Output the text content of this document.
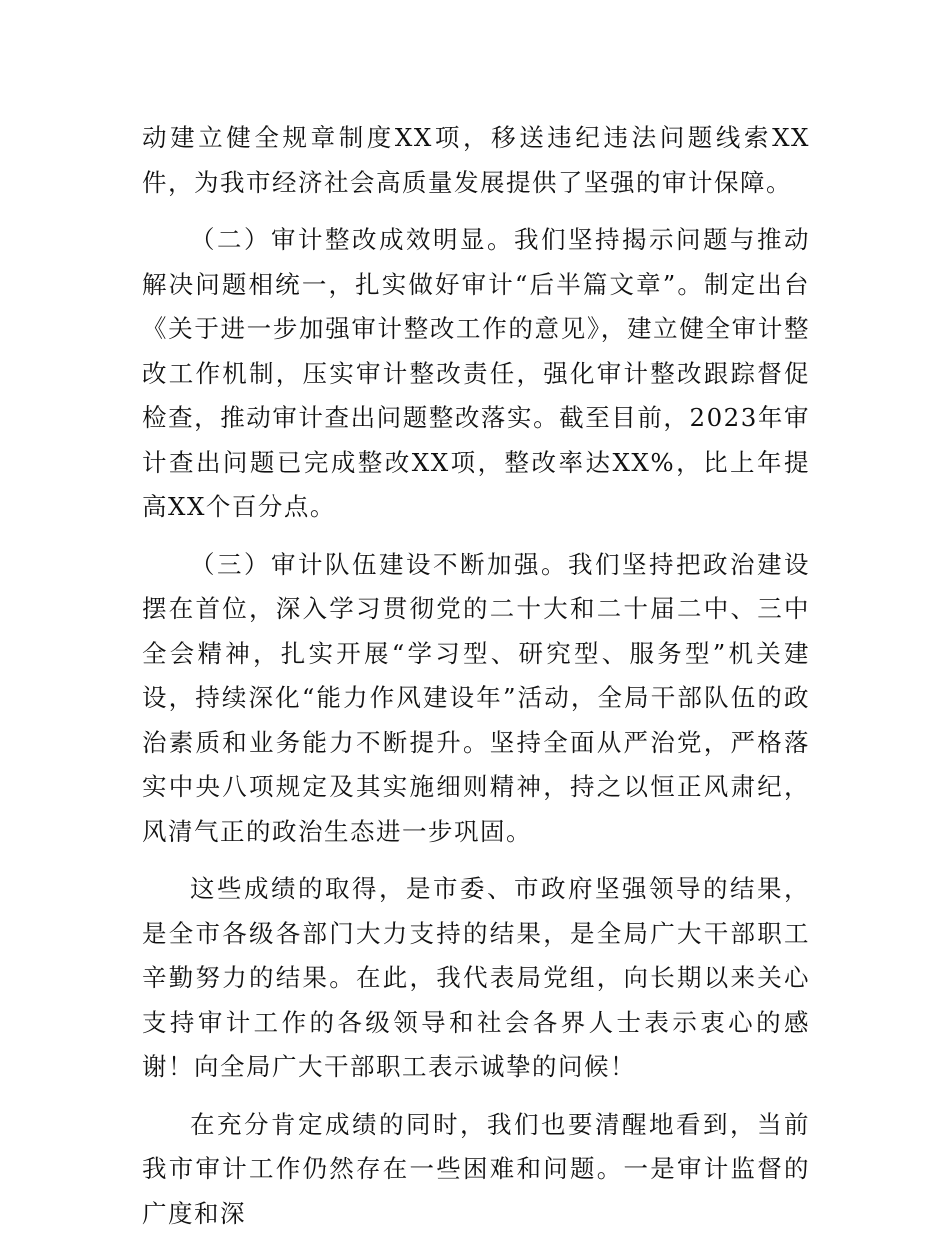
动建立健全规章制度XX项，移送违纪违法问题线索XX件，为我市经济社会高质量发展提供了坚强的审计保障。

（二）审计整改成效明显。我们坚持揭示问题与推动解决问题相统一，扎实做好审计“后半篇文章”。制定出台《关于进一步加强审计整改工作的意见》，建立健全审计整改工作机制，压实审计整改责任，强化审计整改跟踪督促检查，推动审计查出问题整改落实。截至目前，2023年审计查出问题已完成整改XX项，整改率达XX%，比上年提高XX个百分点。

（三）审计队伍建设不断加强。我们坚持把政治建设摆在首位，深入学习贯彻党的二十大和二十届二中、三中全会精神，扎实开展“学习型、研究型、服务型”机关建设，持续深化“能力作风建设年”活动，全局干部队伍的政治素质和业务能力不断提升。坚持全面从严治党，严格落实中央八项规定及其实施细则精神，持之以恒正风肃纪，风清气正的政治生态进一步巩固。

这些成绩的取得，是市委、市政府坚强领导的结果，是全市各级各部门大力支持的结果，是全局广大干部职工辛勤努力的结果。在此，我代表局党组，向长期以来关心支持审计工作的各级领导和社会各界人士表示衷心的感谢！向全局广大干部职工表示诚挚的问候！

在充分肯定成绩的同时，我们也要清醒地看到，当前我市审计工作仍然存在一些困难和问题。一是审计监督的广度和深
